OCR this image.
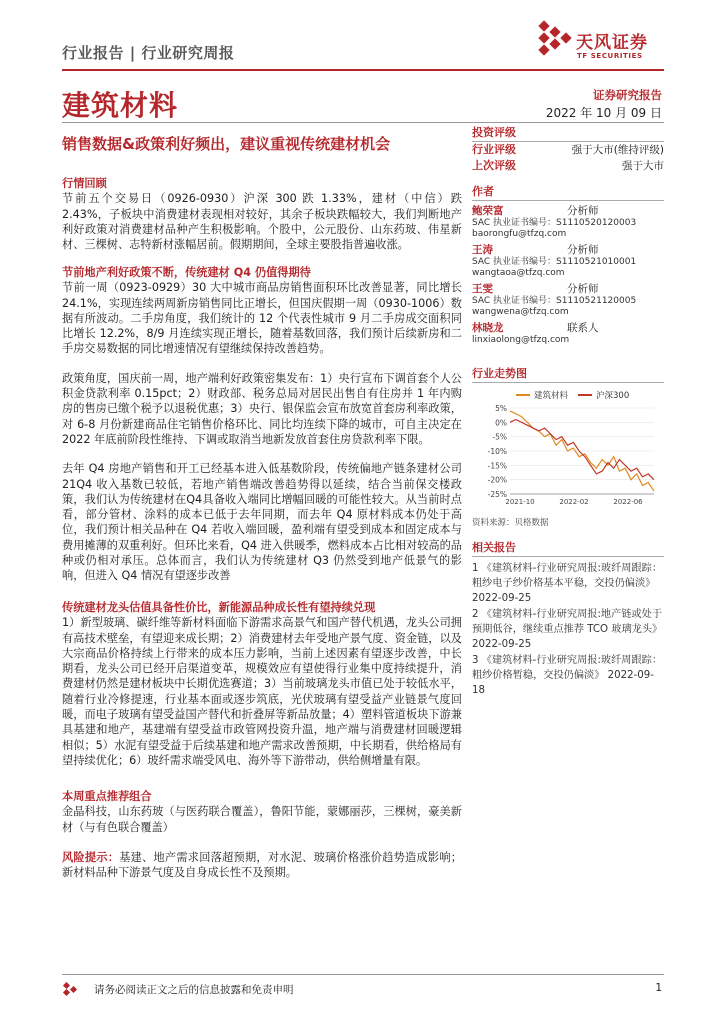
行业报告 | 行业研究周报	天风证券
TF SECURITIES
建筑材料	证券研究报告
2022 年 10 月 09 日
销售数据&政策利好频出，建议重视传统建材机会
行情回顾
节前五个交易日（0926-0930）沪深 300 跌 1.33%，建材（中信）跌 2.43%，子板块中消费建材表现相对较好，其余子板块跌幅较大，我们判断地产利好政策对消费建材品种产生积极影响。个股中，公元股份、山东药玻、伟星新材、三棵树、志特新材涨幅居前。假期期间，全球主要股指普遍收涨。
节前地产利好政策不断，传统建材 Q4 仍值得期待
节前一周（0923-0929）30 大中城市商品房销售面积环比改善显著，同比增长 24.1%，实现连续两周新房销售同比正增长，但国庆假期一周（0930-1006）数据有所波动。二手房角度，我们统计的 12 个代表性城市 9 月二手房成交面积同比增长 12.2%，8/9 月连续实现正增长，随着基数回落，我们预计后续新房和二手房交易数据的同比增速情况有望继续保持改善趋势。
政策角度，国庆前一周，地产端利好政策密集发布：1）央行宣布下调首套个人公积金贷款利率 0.15pct；2）财政部、税务总局对居民出售自有住房并 1 年内购房的售房已缴个税予以退税优惠；3）央行、银保监会宣布放宽首套房利率政策，对 6-8 月份新建商品住宅销售价格环比、同比均连续下降的城市，可自主决定在 2022 年底前阶段性维持、下调或取消当地新发放首套住房贷款利率下限。
去年 Q4 房地产销售和开工已经基本进入低基数阶段，传统偏地产链条建材公司 21Q4 收入基数已较低，若地产销售端改善趋势得以延续，结合当前保交楼政策，我们认为传统建材在Q4具备收入端同比增幅回暖的可能性较大。从当前时点看，部分管材、涂料的成本已低于去年同期，而去年 Q4 原材料成本仍处于高位，我们预计相关品种在 Q4 若收入端回暖，盈利端有望受到成本和固定成本与费用摊薄的双重利好。但环比来看，Q4 进入供暖季，燃料成本占比相对较高的品种或仍相对承压。总体而言，我们认为传统建材 Q3 仍然受到地产低景气的影响，但进入 Q4 情况有望逐步改善
传统建材龙头估值具备性价比，新能源品种成长性有望持续兑现
1）新型玻璃、碳纤维等新材料面临下游需求高景气和国产替代机遇，龙头公司拥有高技术壁垒，有望迎来成长期；2）消费建材去年受地产景气度、资金链，以及大宗商品价格持续上行带来的成本压力影响，当前上述因素有望逐步改善，中长期看，龙头公司已经开启渠道变革，规模效应有望使得行业集中度持续提升，消费建材仍然是建材板块中长期优选赛道；3）当前玻璃龙头市值已处于较低水平，随着行业冷修提速，行业基本面或逐步筑底，光伏玻璃有望受益产业链景气度回暖，而电子玻璃有望受益国产替代和折叠屏等新品放量；4）塑料管道板块下游兼具基建和地产，基建端有望受益市政管网投资升温，地产端与消费建材回暖逻辑相似；5）水泥有望受益于后续基建和地产需求改善预期，中长期看，供给格局有望持续优化；6）玻纤需求端受风电、海外等下游带动，供给侧增量有限。
本周重点推荐组合
金晶科技，山东药玻（与医药联合覆盖），鲁阳节能，蒙娜丽莎，三棵树，豪美新材（与有色联合覆盖）
风险提示：基建、地产需求回落超预期，对水泥、玻璃价格涨价趋势造成影响；新材料品种下游景气度及自身成长性不及预期。
投资评级
行业评级	强于大市(维持评级)
上次评级	强于大市
作者
鲍荣富	分析师
SAC 执业证书编号：S1110520120003
baorongfu@tfzq.com
王涛	分析师
SAC 执业证书编号：S1110521010001
wangtaoa@tfzq.com
王雯	分析师
SAC 执业证书编号：S1110521120005
wangwena@tfzq.com
林晓龙	联系人
linxiaolong@tfzq.com
行业走势图
建筑材料	沪深300
5%
0%
-5%
-10%
-15%
-20%
-25%
2021-10	2022-02	2022-06
资料来源：贝格数据
相关报告
1 《建筑材料-行业研究周报:玻纤周跟踪：粗纱电子纱价格基本平稳，交投仍偏淡》 2022-09-25
2 《建筑材料-行业研究周报:地产链或处于预期低谷，继续重点推荐 TCO 玻璃龙头》 2022-09-25
3 《建筑材料-行业研究周报:玻纤周跟踪：粗纱价格暂稳，交投仍偏淡》 2022-09-18
请务必阅读正文之后的信息披露和免责申明	1
